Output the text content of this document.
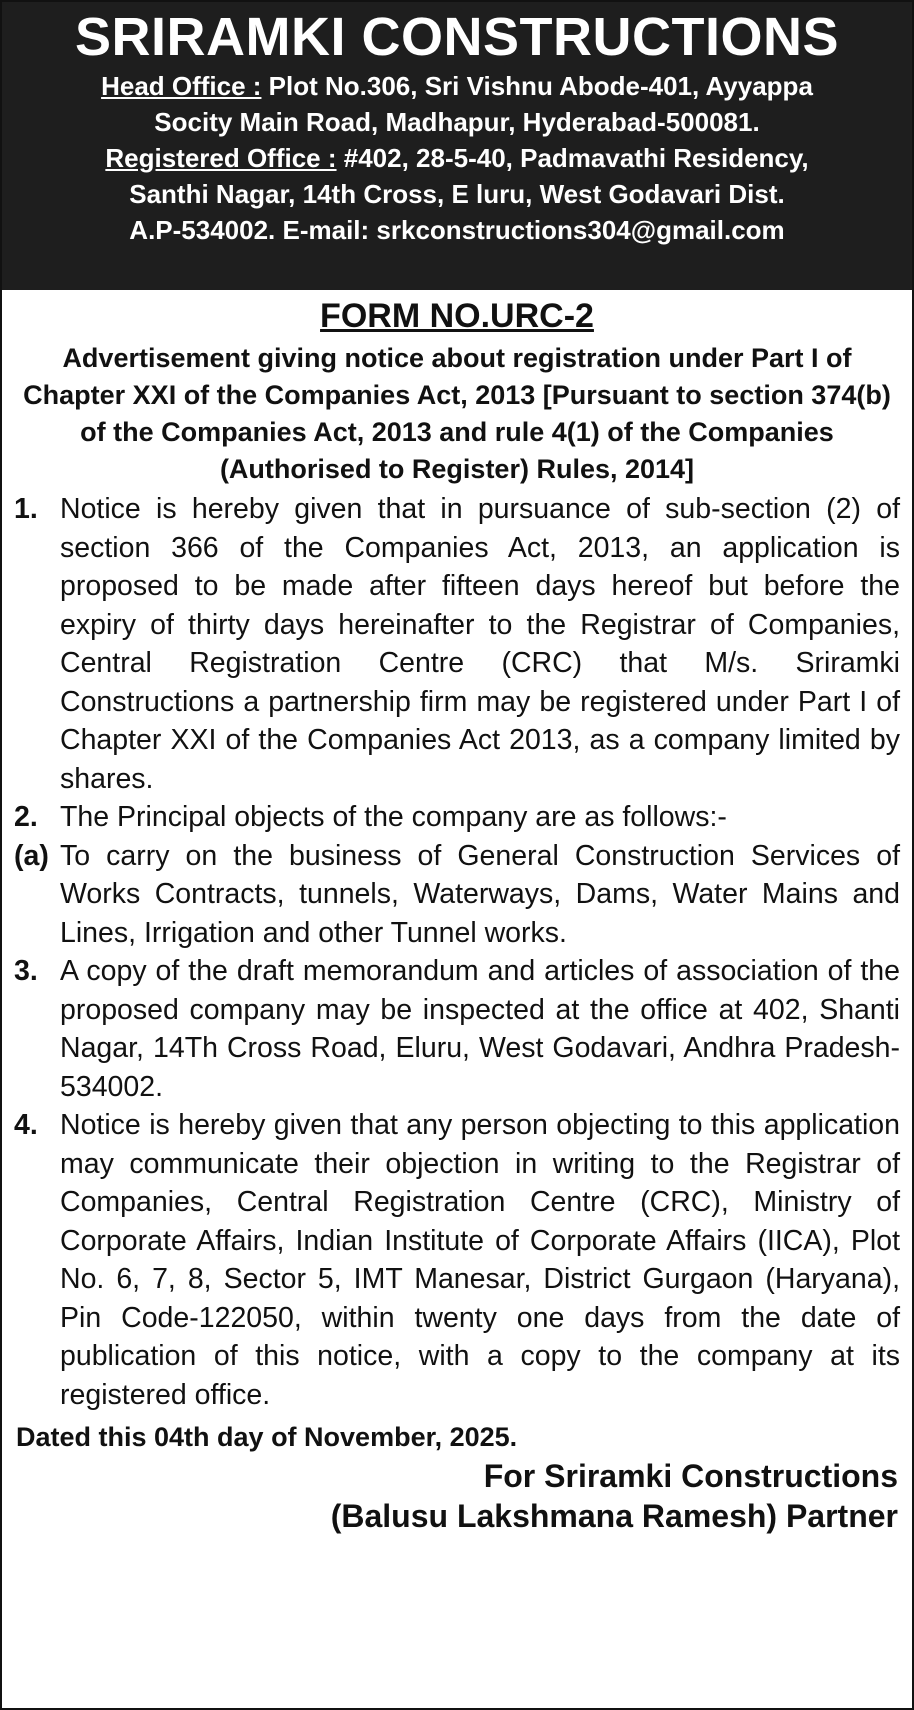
SRIRAMKI CONSTRUCTIONS
Head Office : Plot No.306, Sri Vishnu Abode-401, Ayyappa
Socity Main Road, Madhapur, Hyderabad-500081.
Registered Office : #402, 28-5-40, Padmavathi Residency,
Santhi Nagar, 14th Cross, E luru, West Godavari Dist.
A.P-534002. E-mail: srkconstructions304@gmail.com
FORM NO.URC-2
Advertisement giving notice about registration under Part I of Chapter XXI of the Companies Act, 2013 [Pursuant to section 374(b) of the Companies Act, 2013 and rule 4(1) of the Companies (Authorised to Register) Rules, 2014]
1. Notice is hereby given that in pursuance of sub-section (2) of section 366 of the Companies Act, 2013, an application is proposed to be made after fifteen days hereof but before the expiry of thirty days hereinafter to the Registrar of Companies, Central Registration Centre (CRC) that M/s. Sriramki Constructions a partnership firm may be registered under Part I of Chapter XXI of the Companies Act 2013, as a company limited by shares.
2. The Principal objects of the company are as follows:-
(a) To carry on the business of General Construction Services of Works Contracts, tunnels, Waterways, Dams, Water Mains and Lines, Irrigation and other Tunnel works.
3. A copy of the draft memorandum and articles of association of the proposed company may be inspected at the office at 402, Shanti Nagar, 14Th Cross Road, Eluru, West Godavari, Andhra Pradesh-534002.
4. Notice is hereby given that any person objecting to this application may communicate their objection in writing to the Registrar of Companies, Central Registration Centre (CRC), Ministry of Corporate Affairs, Indian Institute of Corporate Affairs (IICA), Plot No. 6, 7, 8, Sector 5, IMT Manesar, District Gurgaon (Haryana), Pin Code-122050, within twenty one days from the date of publication of this notice, with a copy to the company at its registered office.
Dated this 04th day of November, 2025.
For Sriramki Constructions
(Balusu Lakshmana Ramesh) Partner
